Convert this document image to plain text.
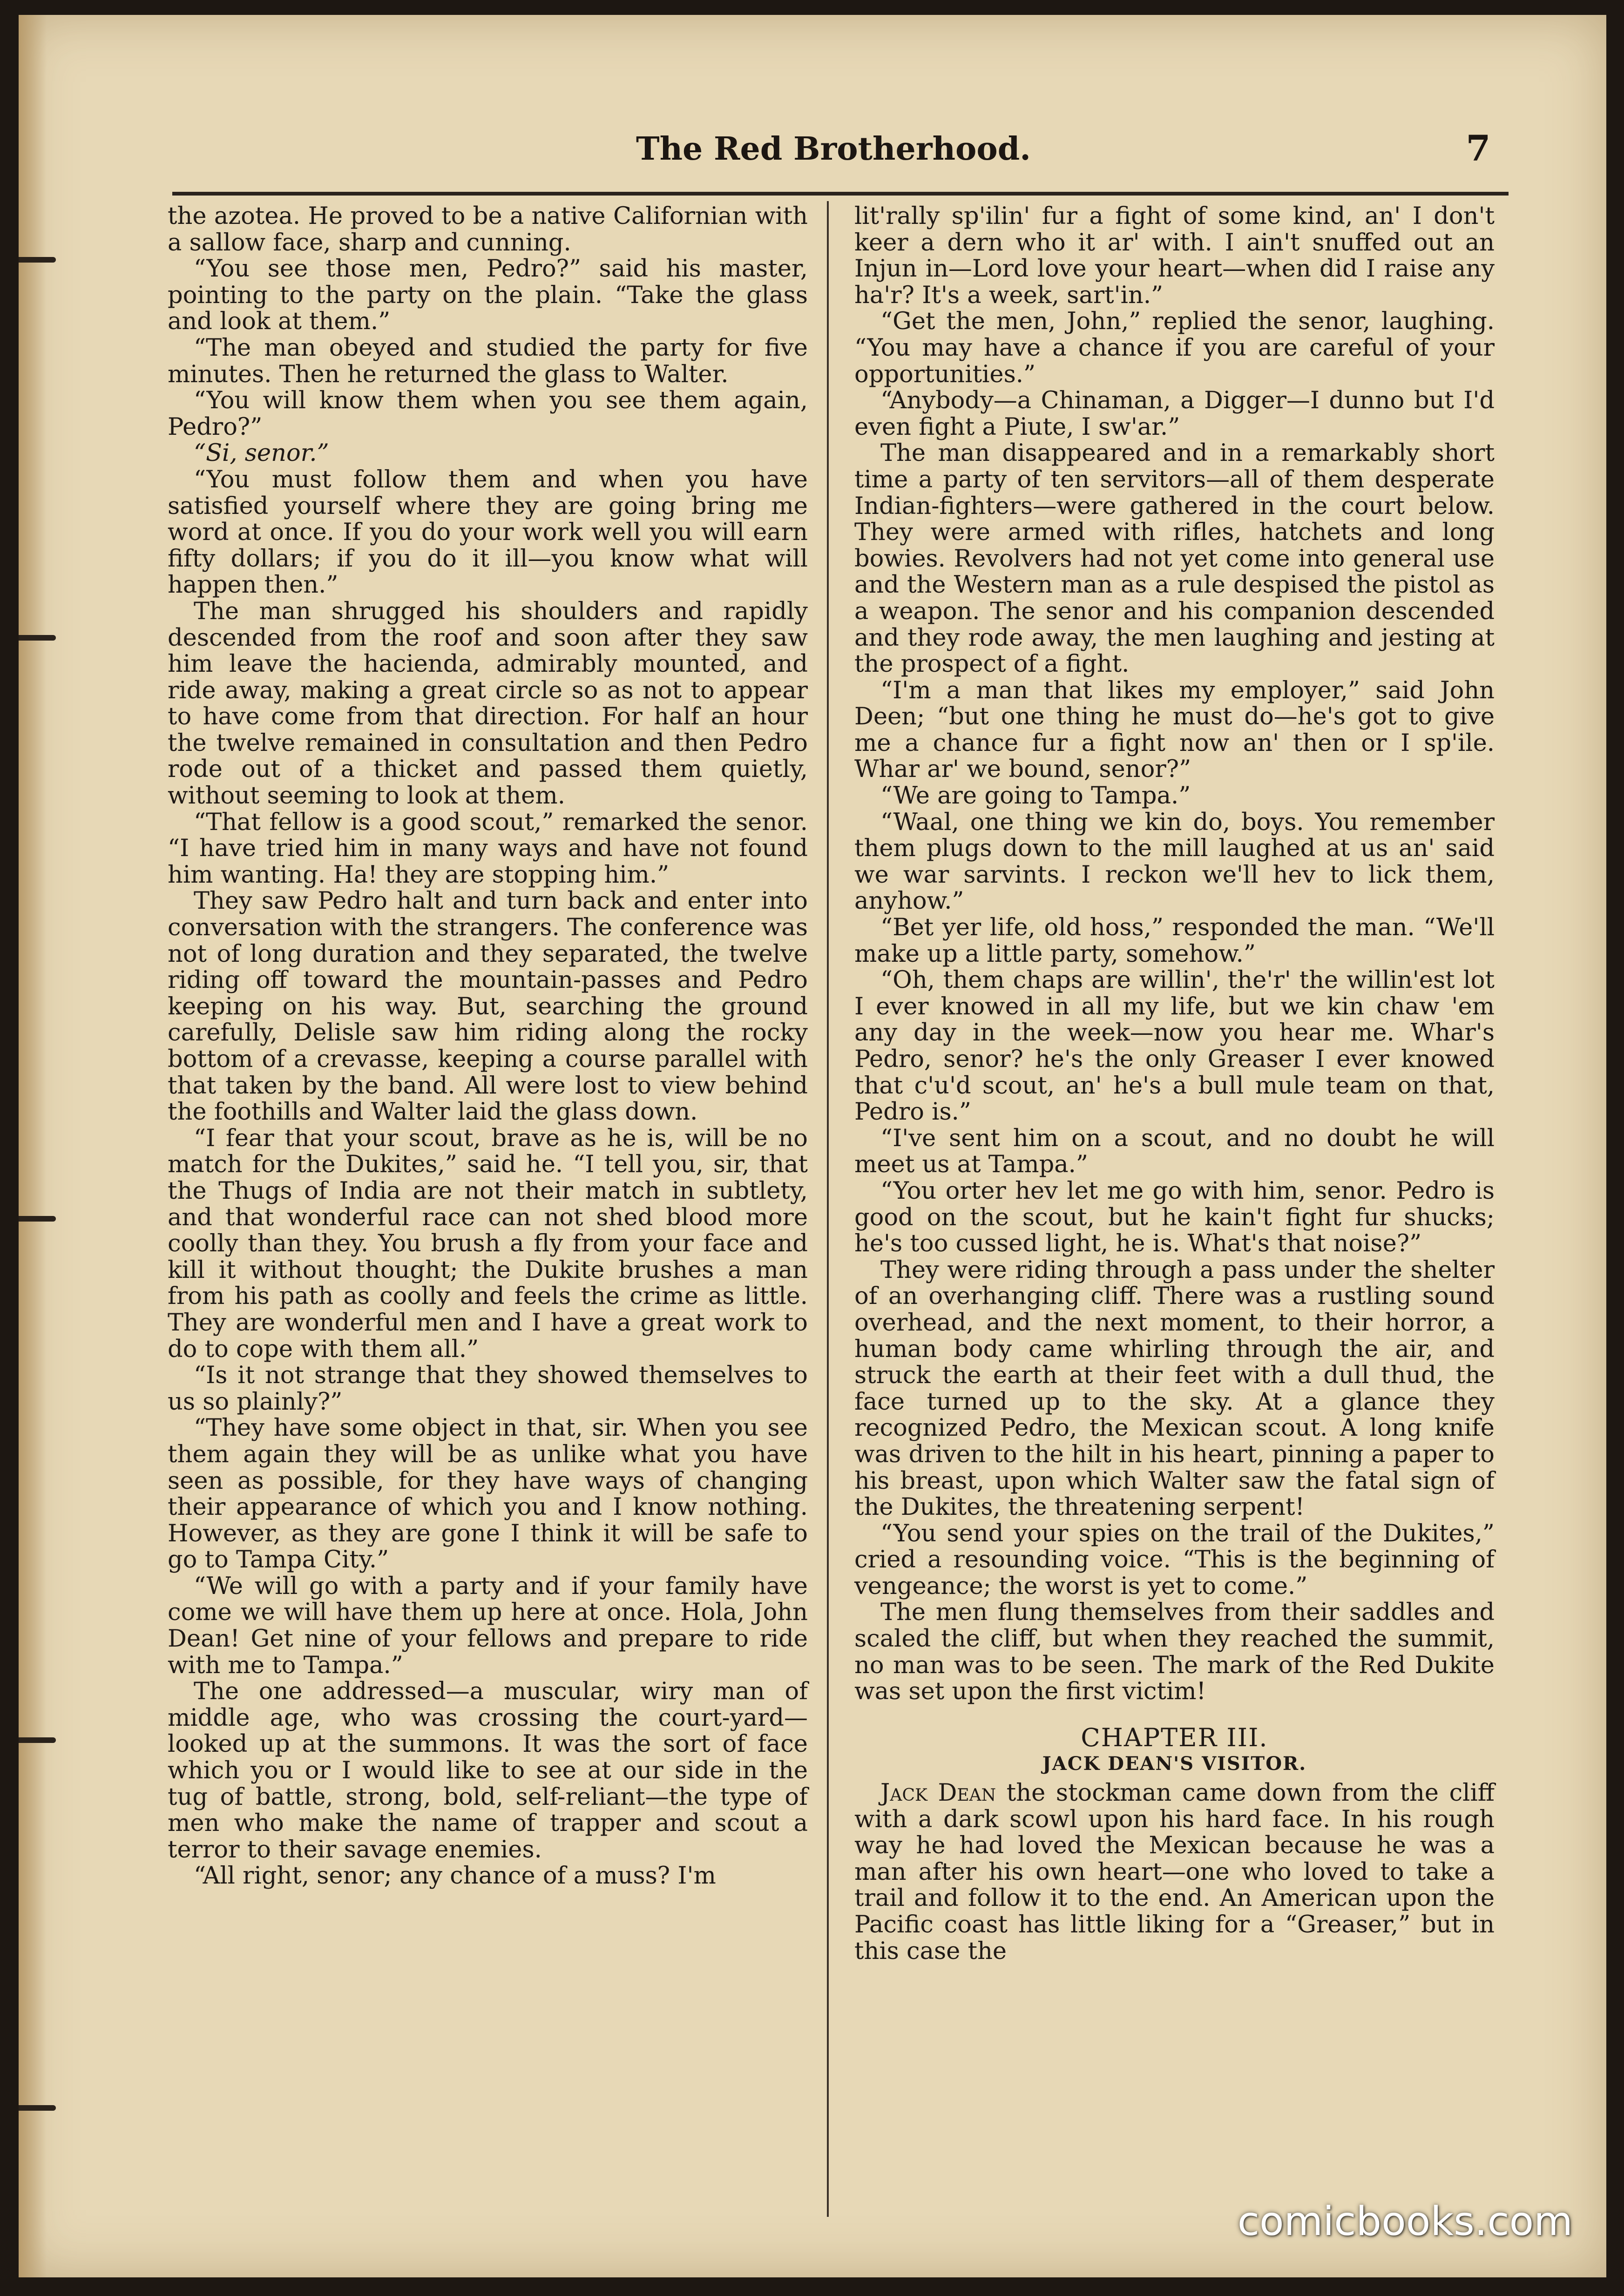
The Red Brotherhood.	7

the azotea. He proved to be a native Californian with a sallow face, sharp and cunning.

“You see those men, Pedro?” said his master, pointing to the party on the plain. “Take the glass and look at them.”

“The man obeyed and studied the party for five minutes. Then he returned the glass to Walter.

“You will know them when you see them again, Pedro?”

“Si, senor.”

“You must follow them and when you have satisfied yourself where they are going bring me word at once. If you do your work well you will earn fifty dollars; if you do it ill—you know what will happen then.”

The man shrugged his shoulders and rapidly descended from the roof and soon after they saw him leave the hacienda, admirably mounted, and ride away, making a great circle so as not to appear to have come from that direction. For half an hour the twelve remained in consultation and then Pedro rode out of a thicket and passed them quietly, without seeming to look at them.

“That fellow is a good scout,” remarked the senor. “I have tried him in many ways and have not found him wanting. Ha! they are stopping him.”

They saw Pedro halt and turn back and enter into conversation with the strangers. The conference was not of long duration and they separated, the twelve riding off toward the mountain-passes and Pedro keeping on his way. But, searching the ground carefully, Delisle saw him riding along the rocky bottom of a crevasse, keeping a course parallel with that taken by the band. All were lost to view behind the foothills and Walter laid the glass down.

“I fear that your scout, brave as he is, will be no match for the Dukites,” said he. “I tell you, sir, that the Thugs of India are not their match in subtlety, and that wonderful race can not shed blood more coolly than they. You brush a fly from your face and kill it without thought; the Dukite brushes a man from his path as coolly and feels the crime as little. They are wonderful men and I have a great work to do to cope with them all.”

“Is it not strange that they showed themselves to us so plainly?”

“They have some object in that, sir. When you see them again they will be as unlike what you have seen as possible, for they have ways of changing their appearance of which you and I know nothing. However, as they are gone I think it will be safe to go to Tampa City.”

“We will go with a party and if your family have come we will have them up here at once. Hola, John Dean! Get nine of your fellows and prepare to ride with me to Tampa.”

The one addressed—a muscular, wiry man of middle age, who was crossing the court-yard—looked up at the summons. It was the sort of face which you or I would like to see at our side in the tug of battle, strong, bold, self-reliant—the type of men who make the name of trapper and scout a terror to their savage enemies.

“All right, senor; any chance of a muss? I'm

lit'rally sp'ilin' fur a fight of some kind, an' I don't keer a dern who it ar' with. I ain't snuffed out an Injun in—Lord love your heart—when did I raise any ha'r? It's a week, sart'in.”

“Get the men, John,” replied the senor, laughing. “You may have a chance if you are careful of your opportunities.”

“Anybody—a Chinaman, a Digger—I dunno but I'd even fight a Piute, I sw'ar.”

The man disappeared and in a remarkably short time a party of ten servitors—all of them desperate Indian-fighters—were gathered in the court below. They were armed with rifles, hatchets and long bowies. Revolvers had not yet come into general use and the Western man as a rule despised the pistol as a weapon. The senor and his companion descended and they rode away, the men laughing and jesting at the prospect of a fight.

“I'm a man that likes my employer,” said John Deen; “but one thing he must do—he's got to give me a chance fur a fight now an' then or I sp'ile. Whar ar' we bound, senor?”

“We are going to Tampa.”

“Waal, one thing we kin do, boys. You remember them plugs down to the mill laughed at us an' said we war sarvints. I reckon we'll hev to lick them, anyhow.”

“Bet yer life, old hoss,” responded the man. “We'll make up a little party, somehow.”

“Oh, them chaps are willin', the'r' the willin'est lot I ever knowed in all my life, but we kin chaw 'em any day in the week—now you hear me. Whar's Pedro, senor? he's the only Greaser I ever knowed that c'u'd scout, an' he's a bull mule team on that, Pedro is.”

“I've sent him on a scout, and no doubt he will meet us at Tampa.”

“You orter hev let me go with him, senor. Pedro is good on the scout, but he kain't fight fur shucks; he's too cussed light, he is. What's that noise?”

They were riding through a pass under the shelter of an overhanging cliff. There was a rustling sound overhead, and the next moment, to their horror, a human body came whirling through the air, and struck the earth at their feet with a dull thud, the face turned up to the sky. At a glance they recognized Pedro, the Mexican scout. A long knife was driven to the hilt in his heart, pinning a paper to his breast, upon which Walter saw the fatal sign of the Dukites, the threatening serpent!

“You send your spies on the trail of the Dukites,” cried a resounding voice. “This is the beginning of vengeance; the worst is yet to come.”

The men flung themselves from their saddles and scaled the cliff, but when they reached the summit, no man was to be seen. The mark of the Red Dukite was set upon the first victim!

CHAPTER III.
JACK DEAN'S VISITOR.

Jack Dean the stockman came down from the cliff with a dark scowl upon his hard face. In his rough way he had loved the Mexican because he was a man after his own heart—one who loved to take a trail and follow it to the end. An American upon the Pacific coast has little liking for a “Greaser,” but in this case the

comicbooks.com
